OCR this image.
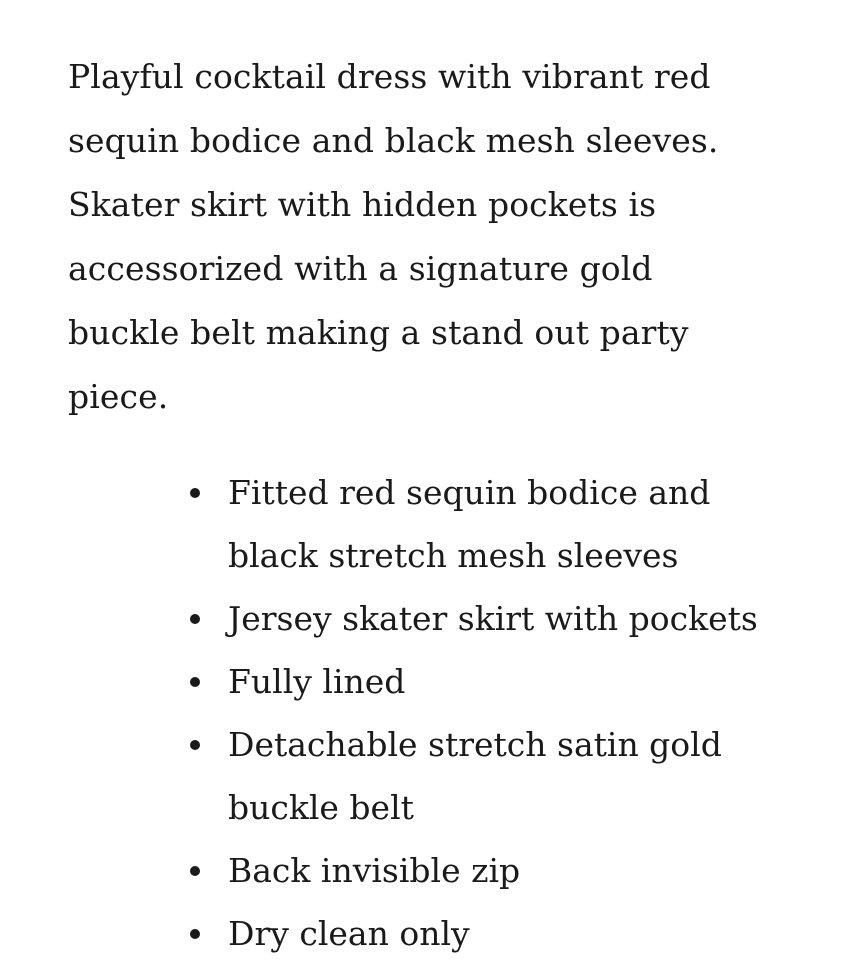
Playful cocktail dress with vibrant red sequin bodice and black mesh sleeves. Skater skirt with hidden pockets is accessorized with a signature gold buckle belt making a stand out party piece.

Fitted red sequin bodice and black stretch mesh sleeves
Jersey skater skirt with pockets
Fully lined
Detachable stretch satin gold buckle belt
Back invisible zip
Dry clean only
